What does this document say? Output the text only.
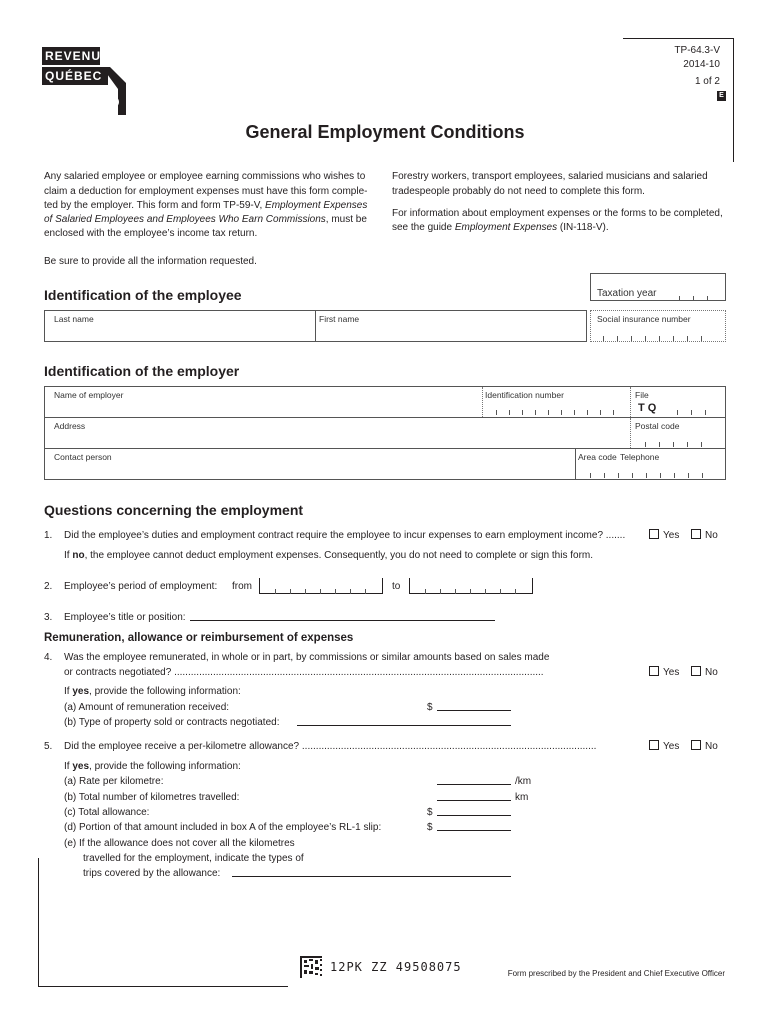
REVENU
QUÉBEC
TP-64.3-V
2014-10
1 of 2
E
General Employment Conditions
Any salaried employee or employee earning commissions who wishes to
claim a deduction for employment expenses must have this form comple-
ted by the employer. This form and form TP-59-V, Employment Expenses
of Salaried Employees and Employees Who Earn Commissions, must be
enclosed with the employee’s income tax return.
Forestry workers, transport employees, salaried musicians and salaried
tradespeople probably do not need to complete this form.
For information about employment expenses or the forms to be completed,
see the guide Employment Expenses (IN-118-V).
Be sure to provide all the information requested.
Identification of the employee	Taxation year
Last name	First name	Social insurance number
Identification of the employer
Name of employer	Identification number	File
T Q
Address	Postal code
Contact person	Area code Telephone
Questions concerning the employment
1. Did the employee’s duties and employment contract require the employee to incur expenses to earn employment income? .......	Yes	No
If no, the employee cannot deduct employment expenses. Consequently, you do not need to complete or sign this form.
2. Employee’s period of employment: from	to
3. Employee’s title or position:
Remuneration, allowance or reimbursement of expenses
4. Was the employee remunerated, in whole or in part, by commissions or similar amounts based on sales made
or contracts negotiated? .....................................................................................................................................	Yes	No
If yes, provide the following information:
(a) Amount of remuneration received:	$
(b) Type of property sold or contracts negotiated:
5. Did the employee receive a per-kilometre allowance? ..........................................................................................................	Yes	No
If yes, provide the following information:
(a) Rate per kilometre:	/km
(b) Total number of kilometres travelled:	km
(c) Total allowance:	$
(d) Portion of that amount included in box A of the employee’s RL-1 slip:	$
(e) If the allowance does not cover all the kilometres
travelled for the employment, indicate the types of
trips covered by the allowance:
12PK ZZ 49508075	Form prescribed by the President and Chief Executive Officer
